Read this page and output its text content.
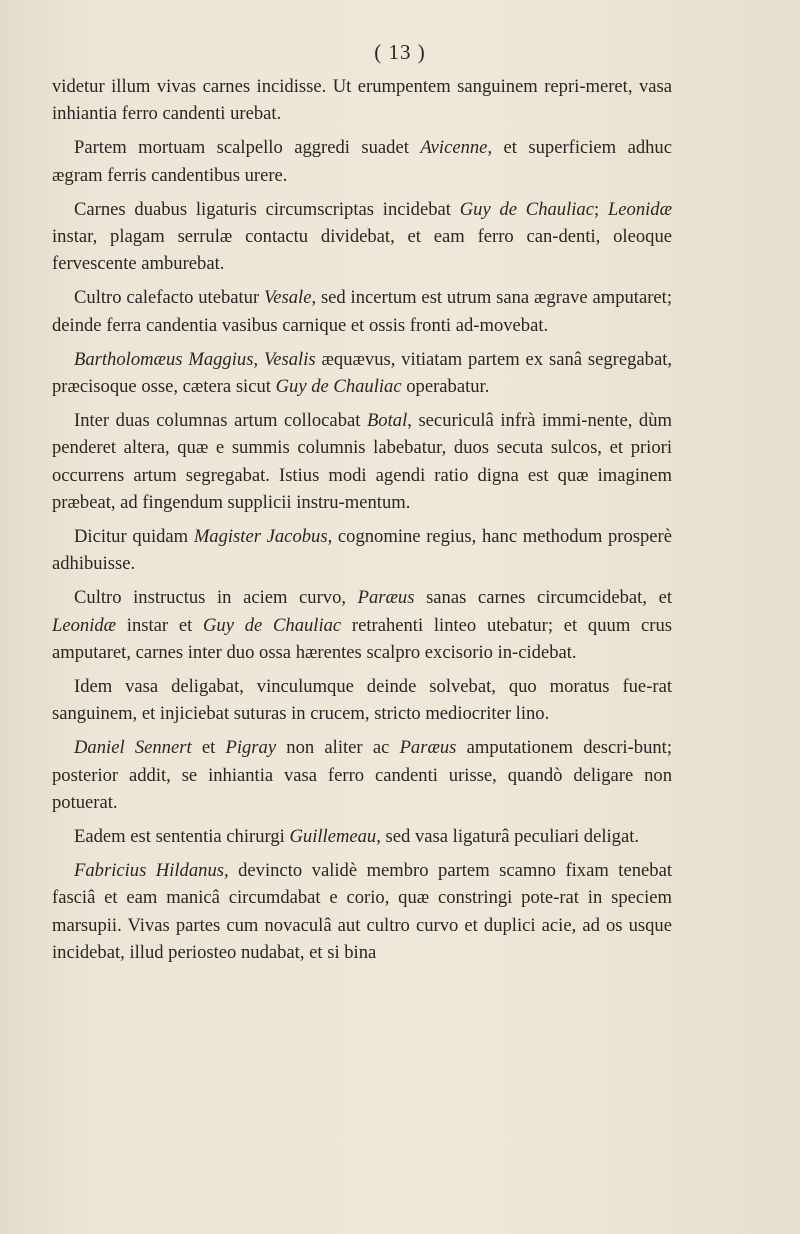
( 13 )

videtur illum vivas carnes incidisse. Ut erumpentem sanguinem repri-meret, vasa inhiantia ferro candenti urebat.

Partem mortuam scalpello aggredi suadet Avicenne, et superficiem adhuc ægram ferris candentibus urere.

Carnes duabus ligaturis circumscriptas incidebat Guy de Chauliac; Leonidæ instar, plagam serrulæ contactu dividebat, et eam ferro can-denti, oleoque fervescente amburebat.

Cultro calefacto utebatur Vesale, sed incertum est utrum sana ægrave amputaret; deinde ferra candentia vasibus carnique et ossis fronti ad-movebat.

Bartholomæus Maggius, Vesalis æquævus, vitiatam partem ex sanâ segregabat, præcisoque osse, cætera sicut Guy de Chauliac operabatur.

Inter duas columnas artum collocabat Botal, securiculâ infrà immi-nente, dùm penderet altera, quæ e summis columnis labebatur, duos secuta sulcos, et priori occurrens artum segregabat. Istius modi agendi ratio digna est quæ imaginem præbeat, ad fingendum supplicii instru-mentum.

Dicitur quidam Magister Jacobus, cognomine regius, hanc methodum prosperè adhibuisse.

Cultro instructus in aciem curvo, Paræus sanas carnes circumcidebat, et Leonidæ instar et Guy de Chauliac retrahenti linteo utebatur; et quum crus amputaret, carnes inter duo ossa hærentes scalpro excisorio in-cidebat.

Idem vasa deligabat, vinculumque deinde solvebat, quo moratus fue-rat sanguinem, et injiciebat suturas in crucem, stricto mediocriter lino.

Daniel Sennert et Pigray non aliter ac Paræus amputationem descri-bunt; posterior addit, se inhiantia vasa ferro candenti urisse, quandò deligare non potuerat.

Eadem est sententia chirurgi Guillemeau, sed vasa ligaturâ peculiari deligat.

Fabricius Hildanus, devincto validè membro partem scamno fixam tenebat fasciâ et eam manicâ circumdabat e corio, quæ constringi pote-rat in speciem marsupii. Vivas partes cum novaculâ aut cultro curvo et duplici acie, ad os usque incidebat, illud periosteo nudabat, et si bina
